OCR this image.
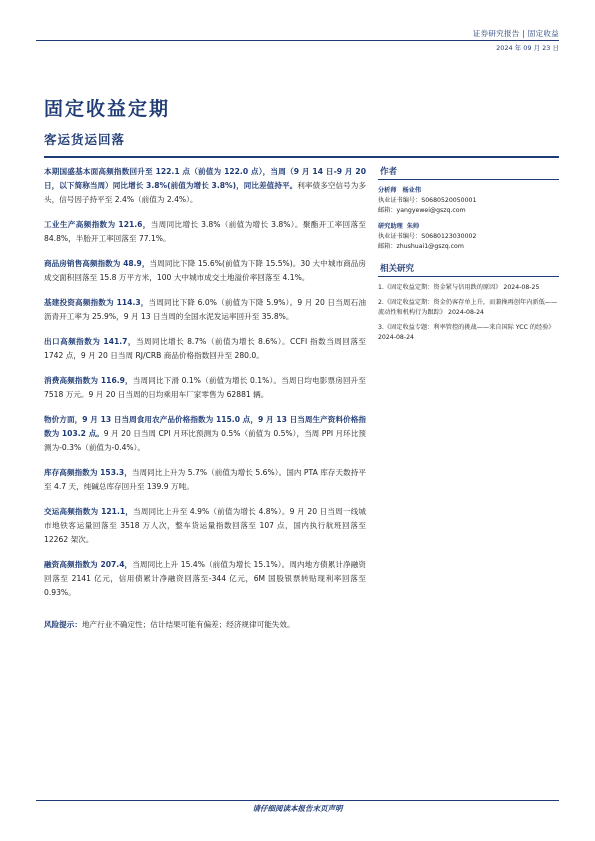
证券研究报告 | 固定收益
2024 年 09 月 23 日
固定收益定期
客运货运回落

本期国盛基本面高频指数回升至 122.1 点（前值为 122.0 点），当周（9 月 14 日-9 月 20 日，以下简称当周）同比增长 3.8%(前值为增长 3.8%)，同比差值持平。利率债多空信号为多头，信号因子持平至 2.4%（前值为 2.4%）。

工业生产高频指数为 121.6，当周同比增长 3.8%（前值为增长 3.8%）。聚酯开工率回落至 84.8%，半胎开工率回落至 77.1%。

商品房销售高频指数为 48.9，当周同比下降 15.6%(前值为下降 15.5%)。30 大中城市商品房成交面积回落至 15.8 万平方米，100 大中城市成交土地溢价率回落至 4.1%。

基建投资高频指数为 114.3，当周同比下降 6.0%（前值为下降 5.9%）。9 月 20 日当周石油沥青开工率为 25.9%，9 月 13 日当周的全国水泥发运率回升至 35.8%。

出口高频指数为 141.7，当周同比增长 8.7%（前值为增长 8.6%）。CCFI 指数当周回落至 1742 点，9 月 20 日当周 RJ/CRB 商品价格指数回升至 280.0。

消费高频指数为 116.9，当周同比下滑 0.1%（前值为增长 0.1%）。当周日均电影票房回升至 7518 万元。9 月 20 日当周的日均乘用车厂家零售为 62881 辆。

物价方面，9 月 13 日当周食用农产品价格指数为 115.0 点，9 月 13 日当周生产资料价格指数为 103.2 点。9 月 20 日当周 CPI 月环比预测为 0.5%（前值为 0.5%），当周 PPI 月环比预测为-0.3%（前值为-0.4%）。

库存高频指数为 153.3，当周同比上升为 5.7%（前值为增长 5.6%）。国内 PTA 库存天数持平至 4.7 天，纯碱总库存回升至 139.9 万吨。

交运高频指数为 121.1，当周同比上升至 4.9%（前值为增长 4.8%）。9 月 20 日当周一线城市地铁客运量回落至 3518 万人次，整车货运量指数回落至 107 点，国内执行航班回落至 12262 架次。

融资高频指数为 207.4，当周同比上升 15.4%（前值为增长 15.1%）。周内地方债累计净融资回落至 2141 亿元，信用债累计净融资回落至-344 亿元，6M 国股银票转贴现利率回落至 0.93%。

风险提示：地产行业不确定性；估计结果可能有偏差；经济规律可能失效。

作者
分析师 杨业伟
执业证书编号：S0680520050001
邮箱：yangyewei@gszq.com
研究助理 朱帅
执业证书编号：S0680123030002
邮箱：zhushuai1@gszq.com
相关研究
1.《固定收益定期：资金紧与信用跌的原因》 2024-08-25
2.《固定收益定期：资金仍客存单上升，而兼搀再创年内新低——流动性和机构行为跟踪》 2024-08-24
3.《固定收益专题：利率管控的挑战——来自国际 YCC 的经验》 2024-08-24
请仔细阅读本报告末页声明
